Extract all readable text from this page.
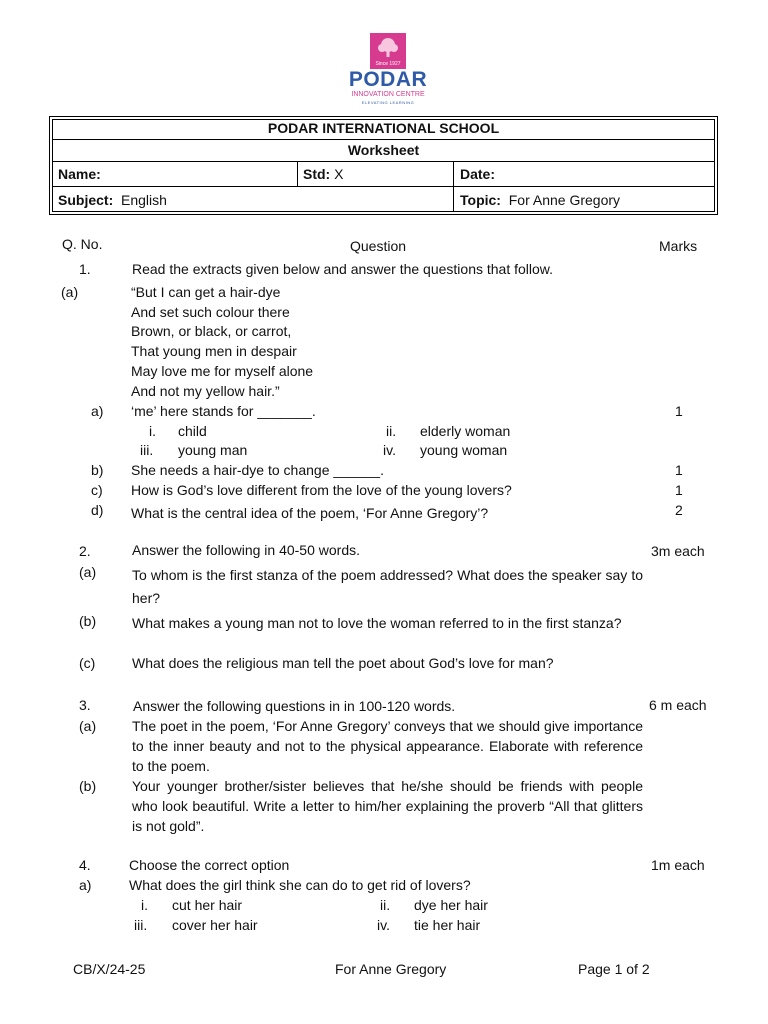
Since 1927
PODAR
INNOVATION CENTRE
ELEVATING LEARNING
PODAR INTERNATIONAL SCHOOL
Worksheet
Name:	Std: X	Date:
Subject: English	Topic: For Anne Gregory
Q. No.	Question	Marks
1.	Read the extracts given below and answer the questions that follow.
(a)	“But I can get a hair-dye
And set such colour there
Brown, or black, or carrot,
That young men in despair
May love me for myself alone
And not my yellow hair.”
a) ‘me’ here stands for _______.	1
i. child	ii. elderly woman
iii. young man	iv. young woman
b) She needs a hair-dye to change ______.	1
c) How is God’s love different from the love of the young lovers?	1
d) What is the central idea of the poem, ‘For Anne Gregory’?	2
2.	Answer the following in 40-50 words.	3m each
(a)	To whom is the first stanza of the poem addressed? What does the speaker say to her?
(b)	What makes a young man not to love the woman referred to in the first stanza?
(c)	What does the religious man tell the poet about God’s love for man?
3.	Answer the following questions in in 100-120 words.	6 m each
(a)	The poet in the poem, ‘For Anne Gregory’ conveys that we should give importance to the inner beauty and not to the physical appearance. Elaborate with reference to the poem.
(b)	Your younger brother/sister believes that he/she should be friends with people who look beautiful. Write a letter to him/her explaining the proverb “All that glitters is not gold”.
4.	Choose the correct option	1m each
a)	What does the girl think she can do to get rid of lovers?
i. cut her hair	ii. dye her hair
iii. cover her hair	iv. tie her hair
CB/X/24-25	For Anne Gregory	Page 1 of 2
